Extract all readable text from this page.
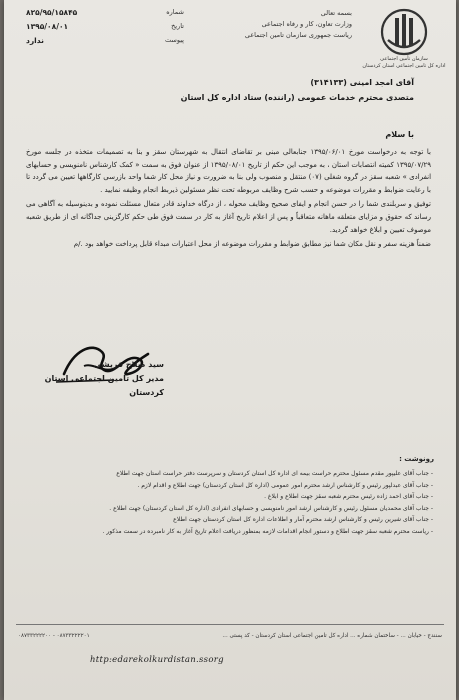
سازمان تأمین اجتماعی
اداره کل تامین اجتماعی استان کردستان
بسمه تعالی
وزارت تعاون، کار و رفاه اجتماعی
ریاست جمهوری سازمان تامین اجتماعی
شماره
۸۲۵/۹۵/۱۵۸۴۵
تاریخ
۱۳۹۵/۰۸/۰۱
پیوست
ندارد
آقای امجد امینی (۳۱۴۱۳۳)
متصدی محترم خدمات عمومی (راننده) ستاد اداره کل استان
با سلام

با توجه به درخواست مورخ ۱۳۹۵/۰۶/۰۱ جنابعالی مبنی بر تقاضای انتقال به شهرستان سقز و بنا به تصمیمات متخذه در جلسه مورخ ۱۳۹۵/۰۷/۲۹ کمیته انتصابات استان ، به موجب این حکم از تاریخ ۱۳۹۵/۰۸/۰۱ از عنوان فوق به سمت « کمک کارشناس نامنویسی و حسابهای انفرادی » شعبه سقز در گروه شغلی (۰۷) منتقل و منصوب ولی بنا به ضرورت و نیاز محل کار شما واحد بازرسی کارگاهها تعیین می گردد تا با رعایت ضوابط و مقررات موضوعه و حسب شرح وظایف مربوطه تحت نظر مسئولین ذیربط انجام وظیفه نمایید .

توفیق و سربلندی شما را در حسن انجام و ایفای صحیح وظایف محوله ، از درگاه خداوند قادر متعال مسئلت نموده و بدینوسیله به آگاهی می رساند که حقوق و مزایای متعلقه ماهانه متعاقباً و پس از اعلام تاریخ آغاز به کار در سمت فوق طی حکم کارگزینی جداگانه ای از طریق شعبه موصوف تعیین و ابلاغ خواهد گردید.

ضمناً هزینه سفر و نقل مکان شما نیز مطابق ضوابط و مقررات موضوعه از محل اعتبارات مبداء قابل پرداخت خواهد بود ./م

سید صلاح قریشی
مدیر کل تامین اجتماعی استان
کردستان
رونوشت :
- جناب آقای علیپور مقدم مسئول محترم حراست بیمه ای اداره کل استان کردستان و سرپرست دفتر حراست استان جهت اطلاع
- جناب آقای عبدلپور رئیس و کارشناس ارشد محترم امور عمومی (اداره کل استان کردستان) جهت اطلاع و اقدام لازم .
- جناب آقای احمد زاده رئیس محترم شعبه سقز جهت اطلاع و ابلاغ .
- جناب آقای محمدیان مسئول رئیس و کارشناس ارشد امور نامنویسی و حسابهای انفرادی (اداره کل استان کردستان) جهت اطلاع .
- جناب آقای شیرین رئیس و کارشناس ارشد محترم آمار و اطلاعات اداره کل استان کردستان جهت اطلاع
- ریاست محترم شعبه سقز جهت اطلاع و دستور انجام اقدامات لازمه بمنظور دریافت اعلام تاریخ آغاز به کار نامبرده در سمت مذکور .
۰۸۷۳۳۲۲۲۲۰۰ - ۰۸۷۳۳۲۲۲۲۰۱	سنندج - خیابان ... - ساختمان شماره ... اداره کل تامین اجتماعی استان کردستان - کد پستی ...
http:edarekolkurdistan.ssorg
